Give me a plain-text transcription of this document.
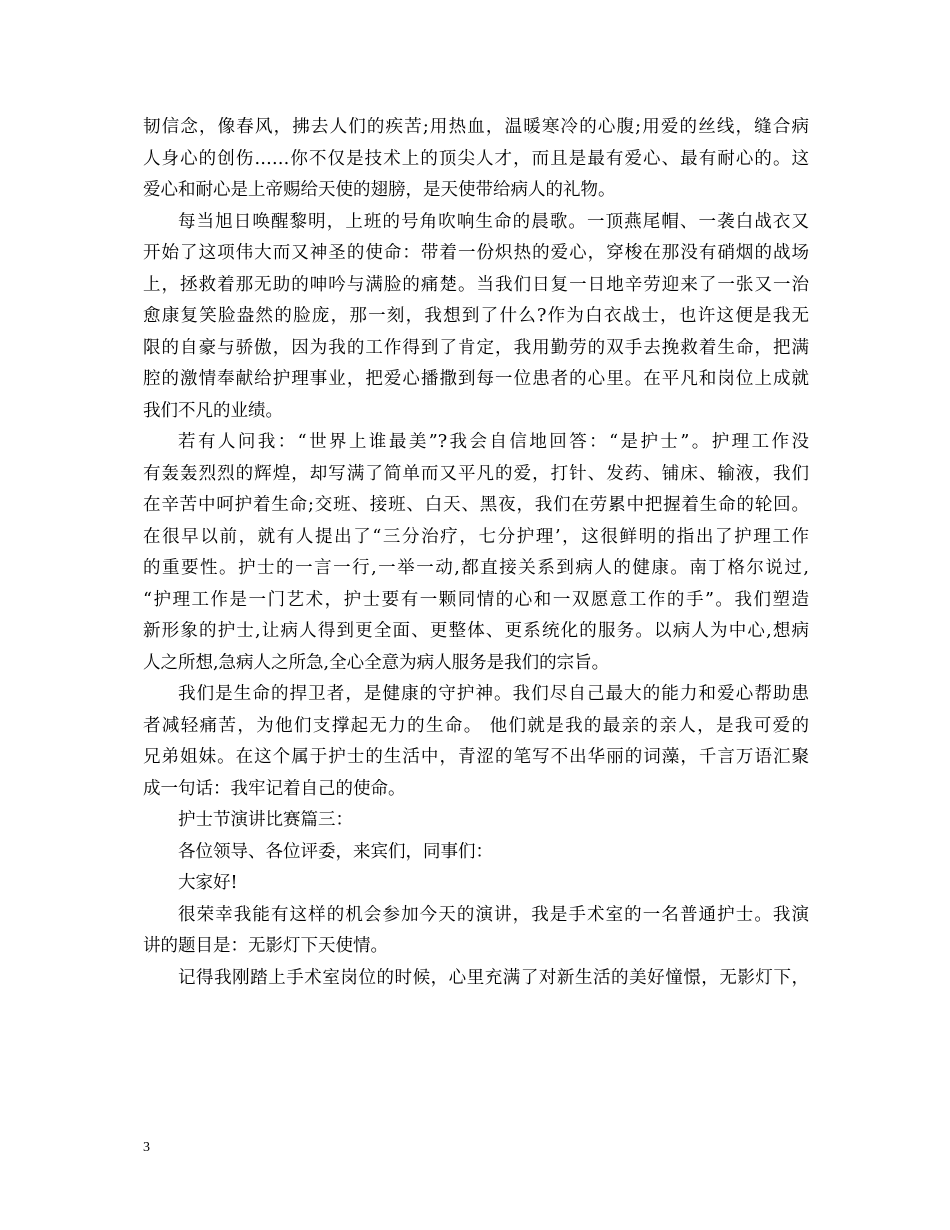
韧信念，像春风，拂去人们的疾苦;用热血，温暖寒冷的心腹;用爱的丝线，缝合病
人身心的创伤……你不仅是技术上的顶尖人才，而且是最有爱心、最有耐心的。这
爱心和耐心是上帝赐给天使的翅膀，是天使带给病人的礼物。
每当旭日唤醒黎明，上班的号角吹响生命的晨歌。一顶燕尾帽、一袭白战衣又
开始了这项伟大而又神圣的使命：带着一份炽热的爱心，穿梭在那没有硝烟的战场
上，拯救着那无助的呻吟与满脸的痛楚。当我们日复一日地辛劳迎来了一张又一治
愈康复笑脸盎然的脸庞，那一刻，我想到了什么?作为白衣战士，也许这便是我无
限的自豪与骄傲，因为我的工作得到了肯定，我用勤劳的双手去挽救着生命，把满
腔的激情奉献给护理事业，把爱心播撒到每一位患者的心里。在平凡和岗位上成就
我们不凡的业绩。
若有人问我：“世界上谁最美”?我会自信地回答：“是护士”。护理工作没
有轰轰烈烈的辉煌，却写满了简单而又平凡的爱，打针、发药、铺床、输液，我们
在辛苦中呵护着生命;交班、接班、白天、黑夜，我们在劳累中把握着生命的轮回。
在很早以前，就有人提出了“三分治疗，七分护理’，这很鲜明的指出了护理工作
的重要性。护士的一言一行,一举一动,都直接关系到病人的健康。南丁格尔说过,
“护理工作是一门艺术，护士要有一颗同情的心和一双愿意工作的手”。我们塑造
新形象的护士,让病人得到更全面、更整体、更系统化的服务。以病人为中心,想病
人之所想,急病人之所急,全心全意为病人服务是我们的宗旨。
我们是生命的捍卫者，是健康的守护神。我们尽自己最大的能力和爱心帮助患
者减轻痛苦，为他们支撑起无力的生命。 他们就是我的最亲的亲人，是我可爱的
兄弟姐妹。在这个属于护士的生活中，青涩的笔写不出华丽的词藻，千言万语汇聚
成一句话：我牢记着自己的使命。
护士节演讲比赛篇三：
各位领导、各位评委，来宾们，同事们：
大家好!
很荣幸我能有这样的机会参加今天的演讲，我是手术室的一名普通护士。我演
讲的题目是：无影灯下天使情。
记得我刚踏上手术室岗位的时候，心里充满了对新生活的美好憧憬，无影灯下，
3
